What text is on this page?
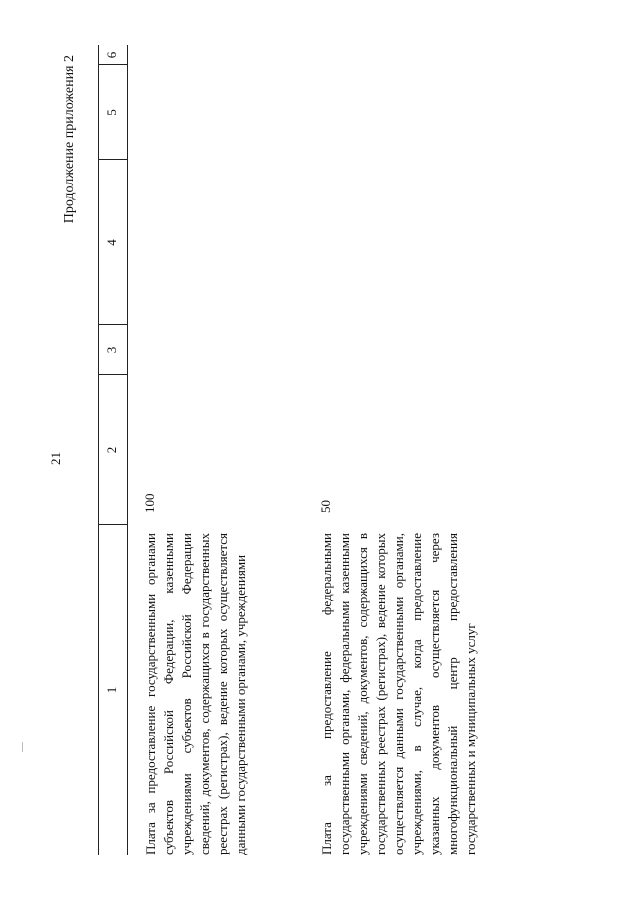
21
Продолжение приложения 2
1
2
3
4
5
6
Плата за предоставление государственными органами субъектов Российской Федерации, казенными учреждениями субъектов Российской Федерации сведений, документов, содержащихся в государственных реестрах (регистрах), ведение которых осуществляется данными государственными органами, учреждениями
100
Плата за предоставление федеральными государственными органами, федеральными казенными учреждениями сведений, документов, содержащихся в государственных реестрах (регистрах), ведение которых осуществляется данными государственными органами, учреждениями, в случае, когда предоставление указанных документов осуществляется через многофункциональный центр предоставления государственных и муниципальных услуг
50
